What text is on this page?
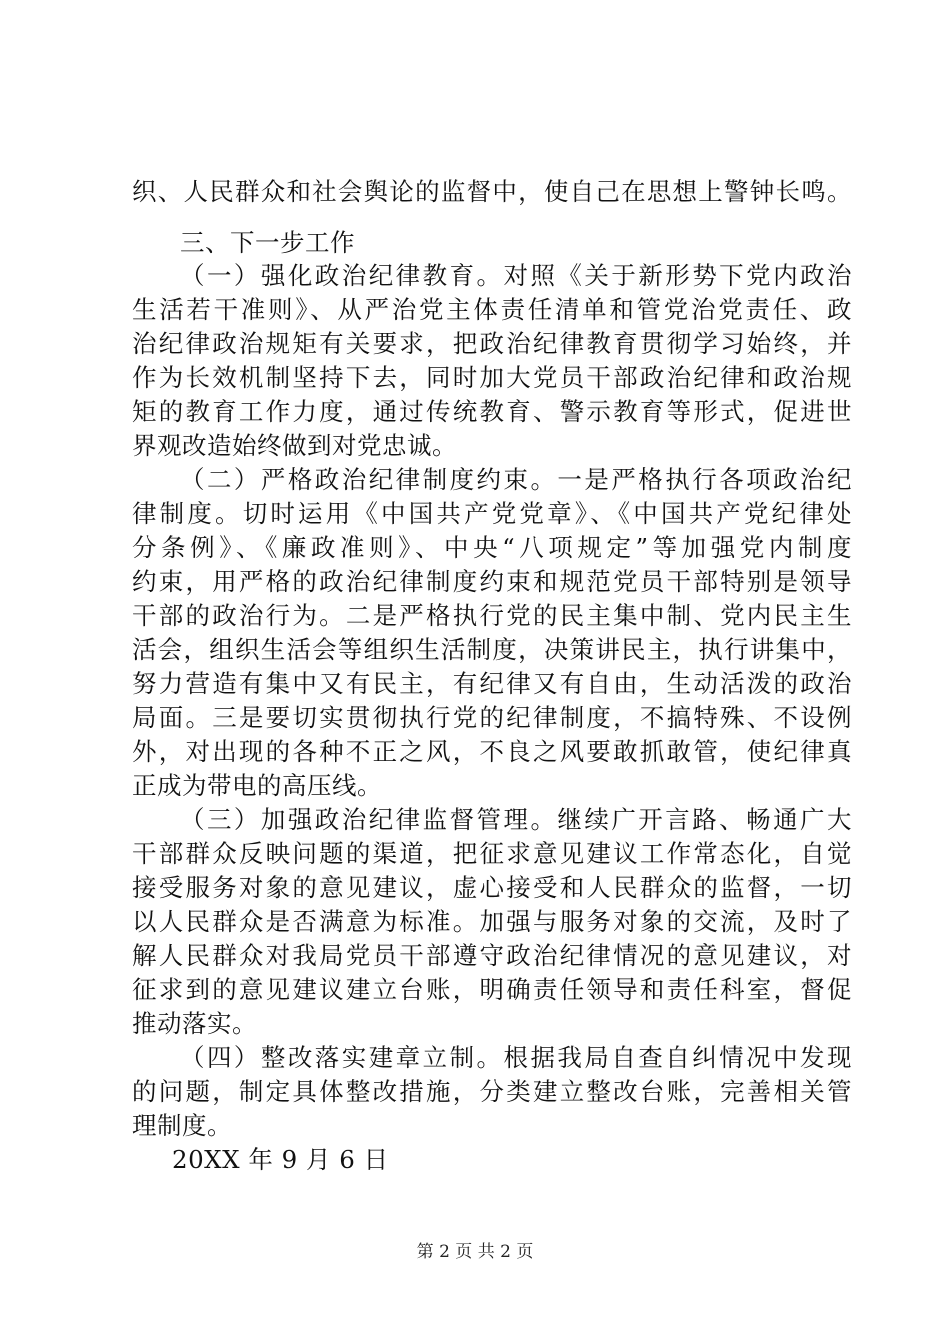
织、人民群众和社会舆论的监督中，使自己在思想上警钟长鸣。
三、下一步工作
（一）强化政治纪律教育。对照《关于新形势下党内政治
生活若干准则》、从严治党主体责任清单和管党治党责任、政
治纪律政治规矩有关要求，把政治纪律教育贯彻学习始终，并
作为长效机制坚持下去，同时加大党员干部政治纪律和政治规
矩的教育工作力度，通过传统教育、警示教育等形式，促进世
界观改造始终做到对党忠诚。
（二）严格政治纪律制度约束。一是严格执行各项政治纪
律制度。切时运用《中国共产党党章》、《中国共产党纪律处
分条例》、《廉政准则》、中央“八项规定”等加强党内制度
约束，用严格的政治纪律制度约束和规范党员干部特别是领导
干部的政治行为。二是严格执行党的民主集中制、党内民主生
活会，组织生活会等组织生活制度，决策讲民主，执行讲集中，
努力营造有集中又有民主，有纪律又有自由，生动活泼的政治
局面。三是要切实贯彻执行党的纪律制度，不搞特殊、不设例
外，对出现的各种不正之风，不良之风要敢抓敢管，使纪律真
正成为带电的高压线。
（三）加强政治纪律监督管理。继续广开言路、畅通广大
干部群众反映问题的渠道，把征求意见建议工作常态化，自觉
接受服务对象的意见建议，虚心接受和人民群众的监督，一切
以人民群众是否满意为标准。加强与服务对象的交流，及时了
解人民群众对我局党员干部遵守政治纪律情况的意见建议，对
征求到的意见建议建立台账，明确责任领导和责任科室，督促
推动落实。
（四）整改落实建章立制。根据我局自查自纠情况中发现
的问题，制定具体整改措施，分类建立整改台账，完善相关管
理制度。
20XX 年 9 月 6 日
第 2 页 共 2 页
